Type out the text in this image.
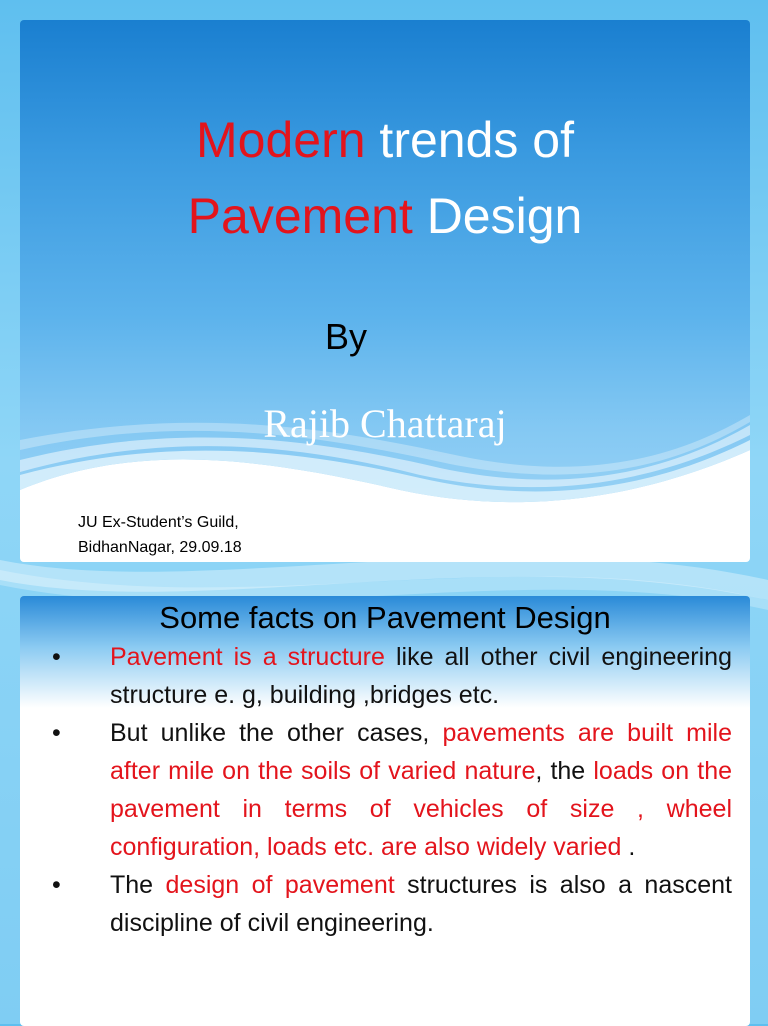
Modern trends of
Pavement Design
By
Rajib Chattaraj
JU Ex-Student’s Guild,
BidhanNagar, 29.09.18
Some facts on Pavement Design
• Pavement is a structure like all other civil engineering structure e. g, building ,bridges etc.
• But unlike the other cases, pavements are built mile after mile on the soils of varied nature, the loads on the pavement in terms of vehicles of size , wheel configuration, loads etc. are also widely varied .
• The design of pavement structures is also a nascent discipline of civil engineering.
